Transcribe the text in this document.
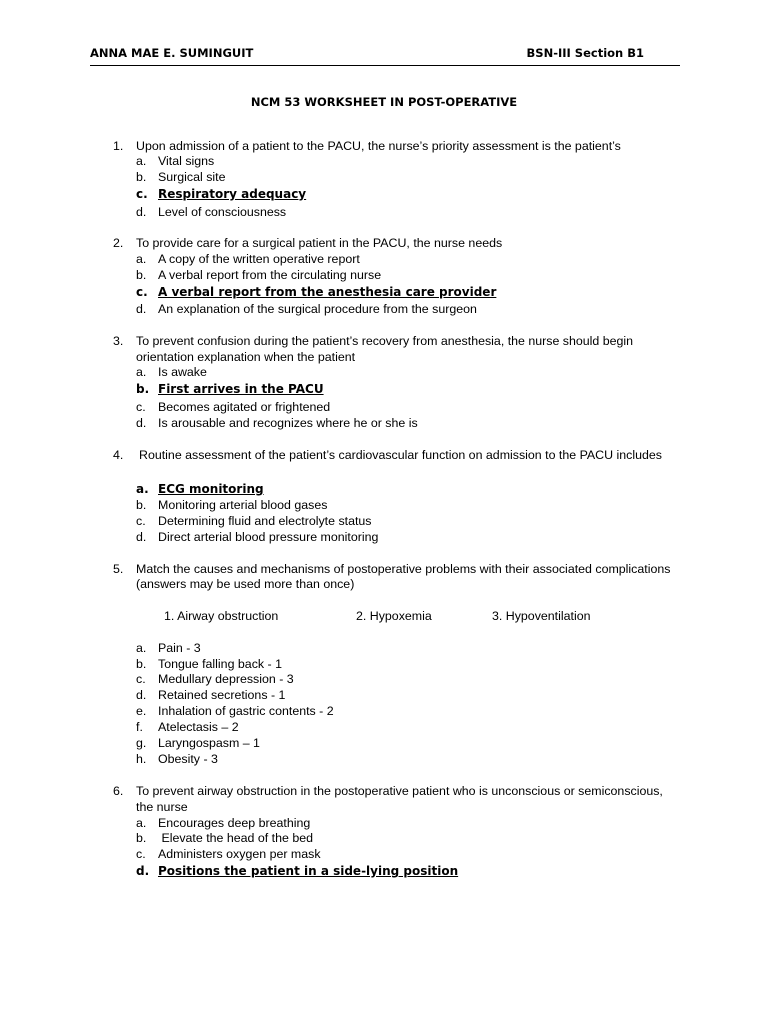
ANNA MAE E. SUMINGUIT	BSN-III Section B1
NCM 53 WORKSHEET IN POST-OPERATIVE
1. Upon admission of a patient to the PACU, the nurse’s priority assessment is the patient’s
a. Vital signs
b. Surgical site
c. Respiratory adequacy
d. Level of consciousness
2. To provide care for a surgical patient in the PACU, the nurse needs
a. A copy of the written operative report
b. A verbal report from the circulating nurse
c. A verbal report from the anesthesia care provider
d. An explanation of the surgical procedure from the surgeon
3. To prevent confusion during the patient’s recovery from anesthesia, the nurse should begin
orientation explanation when the patient
a. Is awake
b. First arrives in the PACU
c. Becomes agitated or frightened
d. Is arousable and recognizes where he or she is
4. Routine assessment of the patient’s cardiovascular function on admission to the PACU includes
a. ECG monitoring
b. Monitoring arterial blood gases
c. Determining fluid and electrolyte status
d. Direct arterial blood pressure monitoring
5. Match the causes and mechanisms of postoperative problems with their associated complications
(answers may be used more than once)
1. Airway obstruction	2. Hypoxemia	3. Hypoventilation
a. Pain - 3
b. Tongue falling back - 1
c. Medullary depression - 3
d. Retained secretions - 1
e. Inhalation of gastric contents - 2
f. Atelectasis – 2
g. Laryngospasm – 1
h. Obesity - 3
6. To prevent airway obstruction in the postoperative patient who is unconscious or semiconscious,
the nurse
a. Encourages deep breathing
b. Elevate the head of the bed
c. Administers oxygen per mask
d. Positions the patient in a side-lying position
